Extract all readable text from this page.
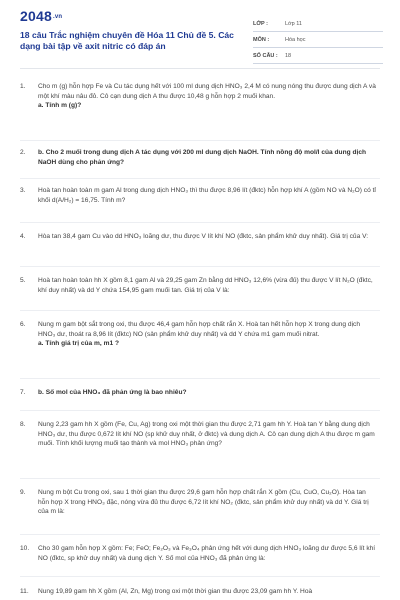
2048.vn
18 câu Trắc nghiệm chuyên đề Hóa 11 Chủ đề 5. Các dạng bài tập về axit nitric có đáp án
LỚP :	Lớp 11
MÔN :	Hóa học
SỐ CÂU : 18
1.	Cho m (g) hỗn hợp Fe và Cu tác dụng hết với 100 ml dung dịch HNO₃ 2,4 M có nung nóng thu được dung dịch A và một khí màu nâu đỏ. Cô cạn dung dịch A thu được 10,48 g hỗn hợp 2 muối khan.

a. Tính m (g)?

2.	b. Cho 2 muối trong dung dịch A tác dụng với 200 ml dung dịch NaOH. Tính nồng độ mol/l của dung dịch NaOH dùng cho phản ứng?

3.	Hoà tan hoàn toàn m gam Al trong dung dịch HNO₃ thì thu được 8,96 lít (đktc) hỗn hợp khí A (gồm NO và N₂O) có tỉ khối d(A/H₂) = 16,75. Tính m?

4.	Hòa tan 38,4 gam Cu vào dd HNO₃ loãng dư, thu được V lít khí NO (đktc, sản phẩm khử duy nhất). Giá trị của V:

5.	Hoà tan hoàn toàn hh X gồm 8,1 gam Al và 29,25 gam Zn bằng dd HNO₃ 12,6% (vừa đủ) thu được V lít N₂O (đktc, khí duy nhất) và dd Y chứa 154,95 gam muối tan. Giá trị của V là:

6.	Nung m gam bột sắt trong oxi, thu được 46,4 gam hỗn hợp chất rắn X. Hoà tan hết hỗn hợp X trong dung dịch HNO₃ dư, thoát ra 8,96 lít (đktc) NO (sản phẩm khử duy nhất) và dd Y chứa m1 gam muối nitrat.

a. Tính giá trị của m, m1 ?

7.	b. Số mol của HNO₃ đã phản ứng là bao nhiêu?

8.	Nung 2,23 gam hh X gồm (Fe, Cu, Ag) trong oxi một thời gian thu được 2,71 gam hh Y. Hoà tan Y bằng dung dịch HNO₃ dư, thu được 0,672 lít khí NO (sp khử duy nhất, ở đktc) và dung dịch A. Cô cạn dung dịch A thu được m gam muối. Tính khối lượng muối tạo thành và mol HNO₃ phản ứng?

9.	Nung m bột Cu trong oxi, sau 1 thời gian thu được 29,6 gam hỗn hợp chất rắn X gồm (Cu, CuO, Cu₂O). Hòa tan hỗn hợp X trong HNO₃ đặc, nóng vừa đủ thu được 6,72 lít khí NO₂ (đktc, sản phẩm khử duy nhất) và dd Y. Giá trị của m là:

10.	Cho 30 gam hỗn hợp X gồm: Fe; FeO; Fe₂O₃ và Fe₃O₄ phản ứng hết với dung dịch HNO₃ loãng dư được 5,6 lít khí NO (đktc, sp khử duy nhất) và dung dịch Y. Số mol của HNO₃ đã phản ứng là:

11.	Nung 19,89 gam hh X gồm (Al, Zn, Mg) trong oxi một thời gian thu được 23,09 gam hh Y. Hoà
